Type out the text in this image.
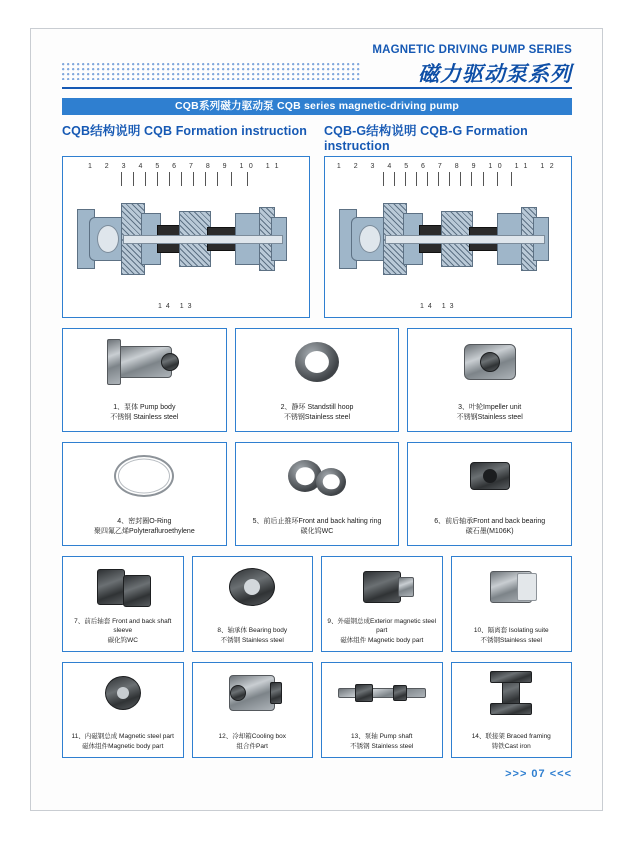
MAGNETIC DRIVING PUMP SERIES
磁力驱动泵系列
CQB系列磁力驱动泵 CQB series magnetic-driving pump
CQB结构说明 CQB Formation instruction CQB-G结构说明 CQB-G Formation instruction
1 2 3 4 5 6 7 8 9 10 11
14 13
1 2 3 4 5 6 7 8 9 10 11 12
14 13
1、泵体 Pump body
不锈钢 Stainless steel
2、静环 Standstill hoop
不锈钢Stainless steel
3、叶轮Impeller unit
不锈钢Stainless steel
4、密封圈O-Ring
聚四氟乙烯Polyterafluroethylene
5、前后止推环Front and back halting ring
碳化钨WC
6、前后轴承Front and back bearing
碳石墨(M106K)
7、前后轴套 Front and back shaft sleeve
碳化钨WC
8、轴承体 Bearing body
不锈钢 Stainless steel
9、外磁钢总成Exterior magnetic steel part
磁体组件 Magnetic body part
10、隔离套 Isolating suite
不锈钢Stainless steel
11、内磁钢总成 Magnetic steel part
磁体组件Magnetic body part
12、冷却箱Cooling box
组合件Part
13、泵轴 Pump shaft
不锈钢 Stainless steel
14、联接架 Braced framing
铸铁Cast iron
>>> 07 <<<
